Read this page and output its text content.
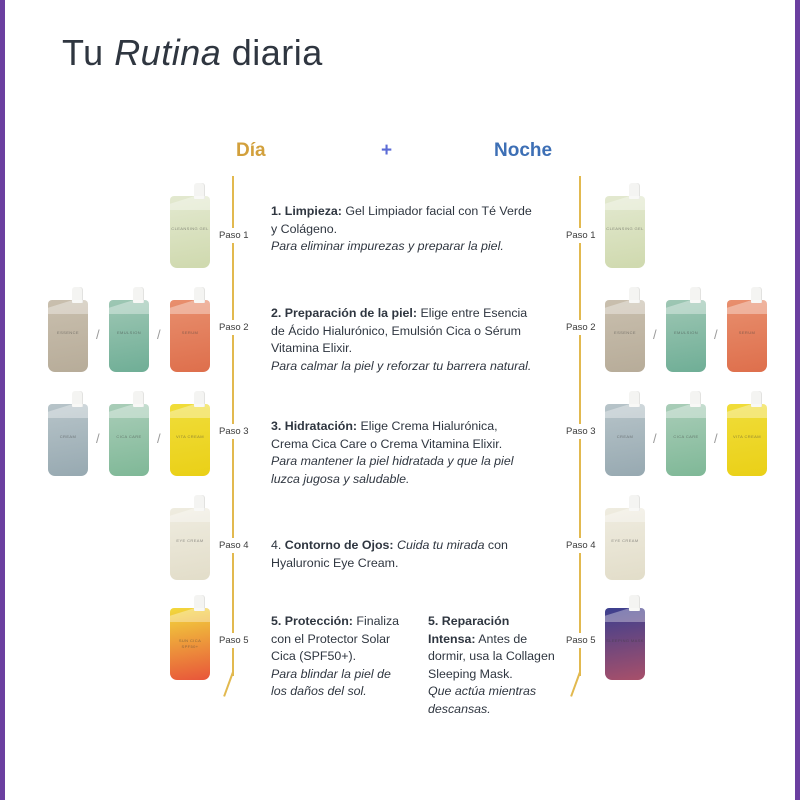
Tu Rutina diaria
Día	+	Noche
Paso 1
Paso 2
Paso 3
Paso 4
Paso 5
Paso 1
Paso 2
Paso 3
Paso 4
Paso 5
CLEANSING GEL
ESSENCE	/	EMULSION	/	SERUM
CREAM	/	CICA CARE	/	VITA CREAM
EYE CREAM
SUN CICA SPF50+
CLEANSING GEL
ESSENCE	/	EMULSION	/	SERUM
CREAM	/	CICA CARE	/	VITA CREAM
EYE CREAM
SLEEPING MASK
1. Limpieza: Gel Limpiador facial con Té Verde y Colágeno.
Para eliminar impurezas y preparar la piel.
2. Preparación de la piel: Elige entre Esencia de Ácido Hialurónico, Emulsión Cica o Sérum Vitamina Elixir.
Para calmar la piel y reforzar tu barrera natural.
3. Hidratación: Elige Crema Hialurónica, Crema Cica Care o Crema Vitamina Elixir.
Para mantener la piel hidratada y que la piel luzca jugosa y saludable.
4. Contorno de Ojos: Cuida tu mirada con Hyaluronic Eye Cream.
5. Protección: Finaliza con el Protector Solar Cica (SPF50+).
Para blindar la piel de los daños del sol.
5. Reparación Intensa: Antes de dormir, usa la Collagen Sleeping Mask.
Que actúa mientras descansas.
